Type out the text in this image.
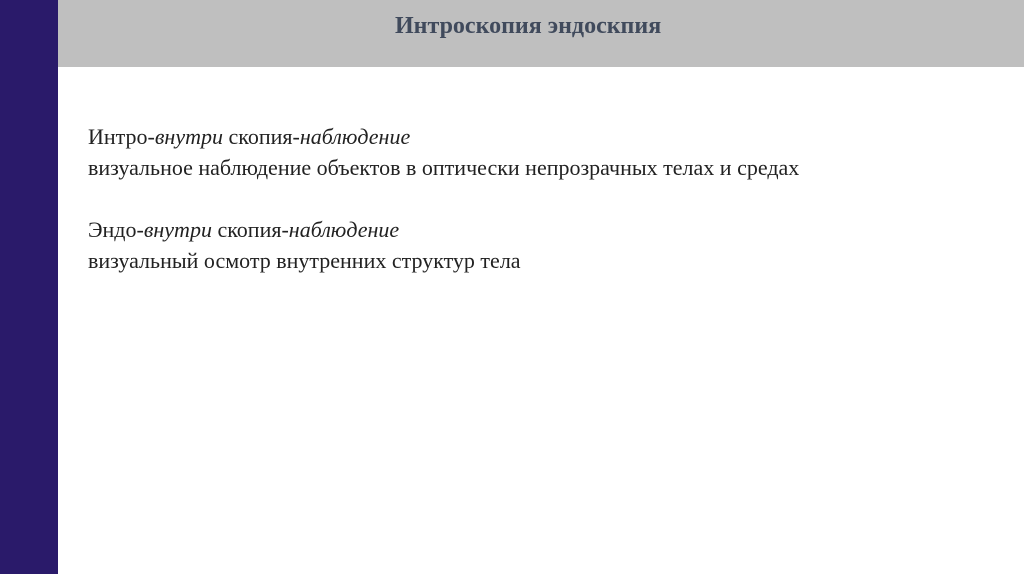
Интроскопия эндоскпия
Интро-внутри скопия-наблюдение
визуальное наблюдение объектов в оптически непрозрачных телах и средах
Эндо-внутри скопия-наблюдение
визуальный осмотр внутренних структур тела
